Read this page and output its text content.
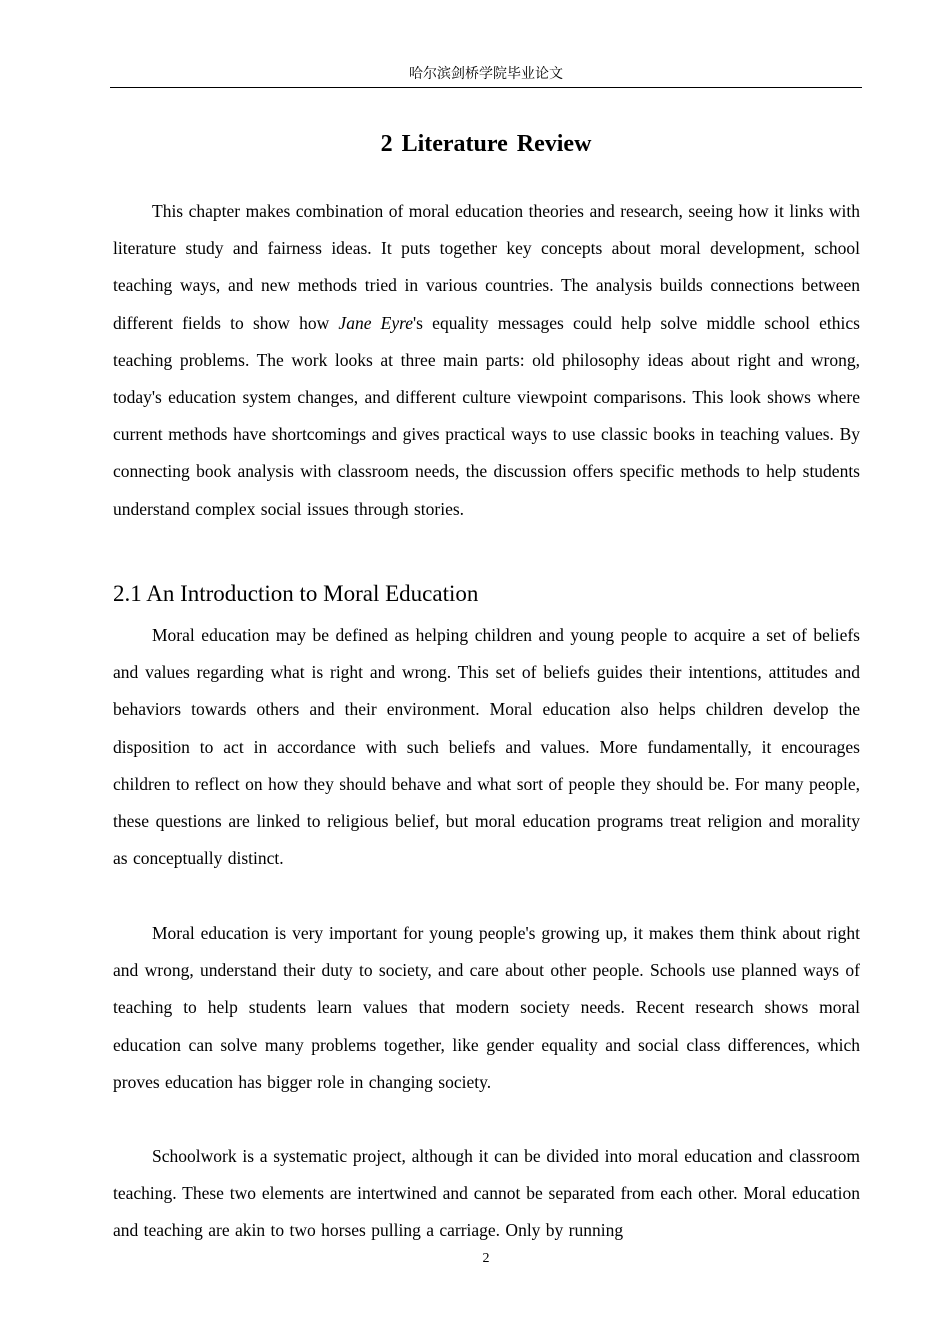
哈尔滨剑桥学院毕业论文
2 Literature Review

This chapter makes combination of moral education theories and research, seeing how it links with literature study and fairness ideas. It puts together key concepts about moral development, school teaching ways, and new methods tried in various countries. The analysis builds connections between different fields to show how Jane Eyre's equality messages could help solve middle school ethics teaching problems. The work looks at three main parts: old philosophy ideas about right and wrong, today's education system changes, and different culture viewpoint comparisons. This look shows where current methods have shortcomings and gives practical ways to use classic books in teaching values. By connecting book analysis with classroom needs, the discussion offers specific methods to help students understand complex social issues through stories.

2.1 An Introduction to Moral Education

Moral education may be defined as helping children and young people to acquire a set of beliefs and values regarding what is right and wrong. This set of beliefs guides their intentions, attitudes and behaviors towards others and their environment. Moral education also helps children develop the disposition to act in accordance with such beliefs and values. More fundamentally, it encourages children to reflect on how they should behave and what sort of people they should be. For many people, these questions are linked to religious belief, but moral education programs treat religion and morality as conceptually distinct.

Moral education is very important for young people's growing up, it makes them think about right and wrong, understand their duty to society, and care about other people. Schools use planned ways of teaching to help students learn values that modern society needs. Recent research shows moral education can solve many problems together, like gender equality and social class differences, which proves education has bigger role in changing society.

Schoolwork is a systematic project, although it can be divided into moral education and classroom teaching. These two elements are intertwined and cannot be separated from each other. Moral education and teaching are akin to two horses pulling a carriage. Only by running

2
